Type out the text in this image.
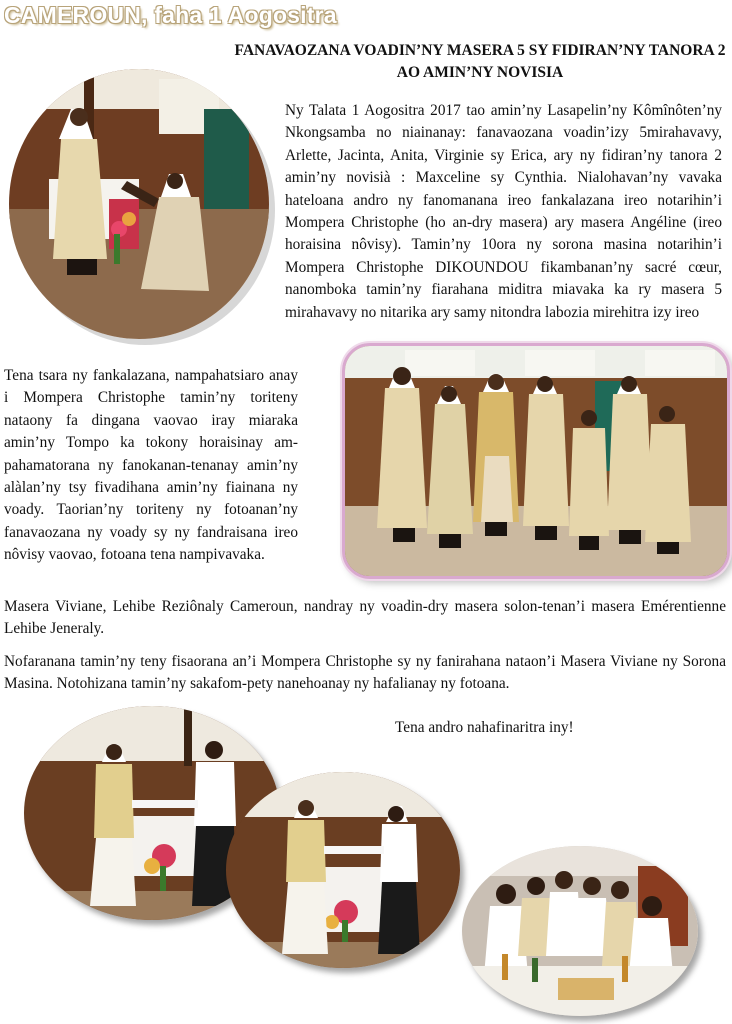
CAMEROUN, faha 1 Aogositra
FANAVAOZANA VOADIN’NY MASERA 5 SY FIDIRAN’NY TANORA 2 AO AMIN’NY NOVISIA

Ny Talata 1 Aogositra 2017 tao amin’ny Lasapelin’ny Kômînôten’ny Nkongsamba no niainanay: fanavaozana voadin’izy 5mirahavavy, Arlette, Jacinta, Anita, Virginie sy Erica, ary ny fidiran’ny tanora 2 amin’ny novisià : Maxceline sy Cynthia. Nialohavan’ny vavaka hateloana andro ny fanomanana ireo fankalazana ireo notarihin’i Mompera Christophe (ho an-dry masera) ary masera Angéline (ireo horaisina nôvisy). Tamin’ny 10ora ny sorona masina notarihin’i Mompera Christophe DIKOUNDOU fikambanan’ny sacré cœur, nanomboka tamin’ny fiarahana miditra miavaka ka ry masera 5 mirahavavy no nitarika ary samy nitondra labozia mirehitra izy ireo

Tena tsara ny fankalazana, nampahatsiaro anay i Mompera Christophe tamin’ny toriteny nataony fa dingana vaovao iray miaraka amin’ny Tompo ka tokony horaisinay am-pahamatorana ny fanokanan-tenanay amin’ny alàlan’ny tsy fivadihana amin’ny fiainana ny voady. Taorian’ny toriteny ny fotoanan’ny fanavaozana ny voady sy ny fandraisana ireo nôvisy vaovao, fotoana tena nampivavaka.

Masera Viviane, Lehibe Reziônaly Cameroun, nandray ny voadin-dry masera solon-tenan’i masera Emérentienne Lehibe Jeneraly.

Nofaranana tamin’ny teny fisaorana an’i Mompera Christophe sy ny fanirahana nataon’i Masera Viviane ny Sorona Masina. Notohizana tamin’ny sakafom-pety nanehoanay ny hafalianay ny fotoana.

Tena andro nahafinaritra iny!
